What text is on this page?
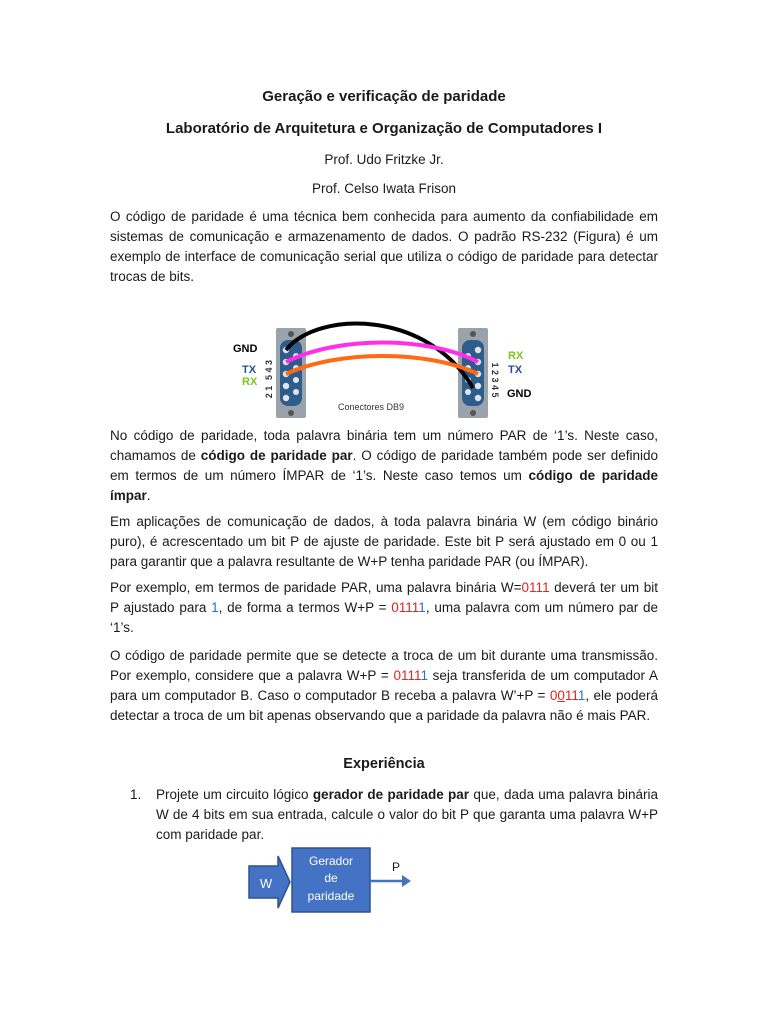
Geração e verificação de paridade

Laboratório de Arquitetura e Organização de Computadores I

Prof. Udo Fritzke Jr.

Prof. Celso Iwata Frison

O código de paridade é uma técnica bem conhecida para aumento da confiabilidade em sistemas de comunicação e armazenamento de dados. O padrão RS-232 (Figura) é um exemplo de interface de comunicação serial que utiliza o código de paridade para detectar trocas de bits.

GND
TX
RX
5 4 3
2 1	1 2 3 4 5
RX
TX
GND
Conectores DB9

No código de paridade, toda palavra binária tem um número PAR de ‘1’s. Neste caso, chamamos de código de paridade par. O código de paridade também pode ser definido em termos de um número ÍMPAR de ‘1’s. Neste caso temos um código de paridade ímpar.

Em aplicações de comunicação de dados, à toda palavra binária W (em código binário puro), é acrescentado um bit P de ajuste de paridade. Este bit P será ajustado em 0 ou 1 para garantir que a palavra resultante de W+P tenha paridade PAR (ou ÍMPAR).

Por exemplo, em termos de paridade PAR, uma palavra binária W=0111 deverá ter um bit P ajustado para 1, de forma a termos W+P = 01111, uma palavra com um número par de ‘1’s.

O código de paridade permite que se detecte a troca de um bit durante uma transmissão. Por exemplo, considere que a palavra W+P = 01111 seja transferida de um computador A para um computador B. Caso o computador B receba a palavra W’+P = 00111, ele poderá detectar a troca de um bit apenas observando que a paridade da palavra não é mais PAR.

Experiência

1. Projete um circuito lógico gerador de paridade par que, dada uma palavra binária W de 4 bits em sua entrada, calcule o valor do bit P que garanta uma palavra W+P com paridade par.

W
Gerador
de
paridade
P
